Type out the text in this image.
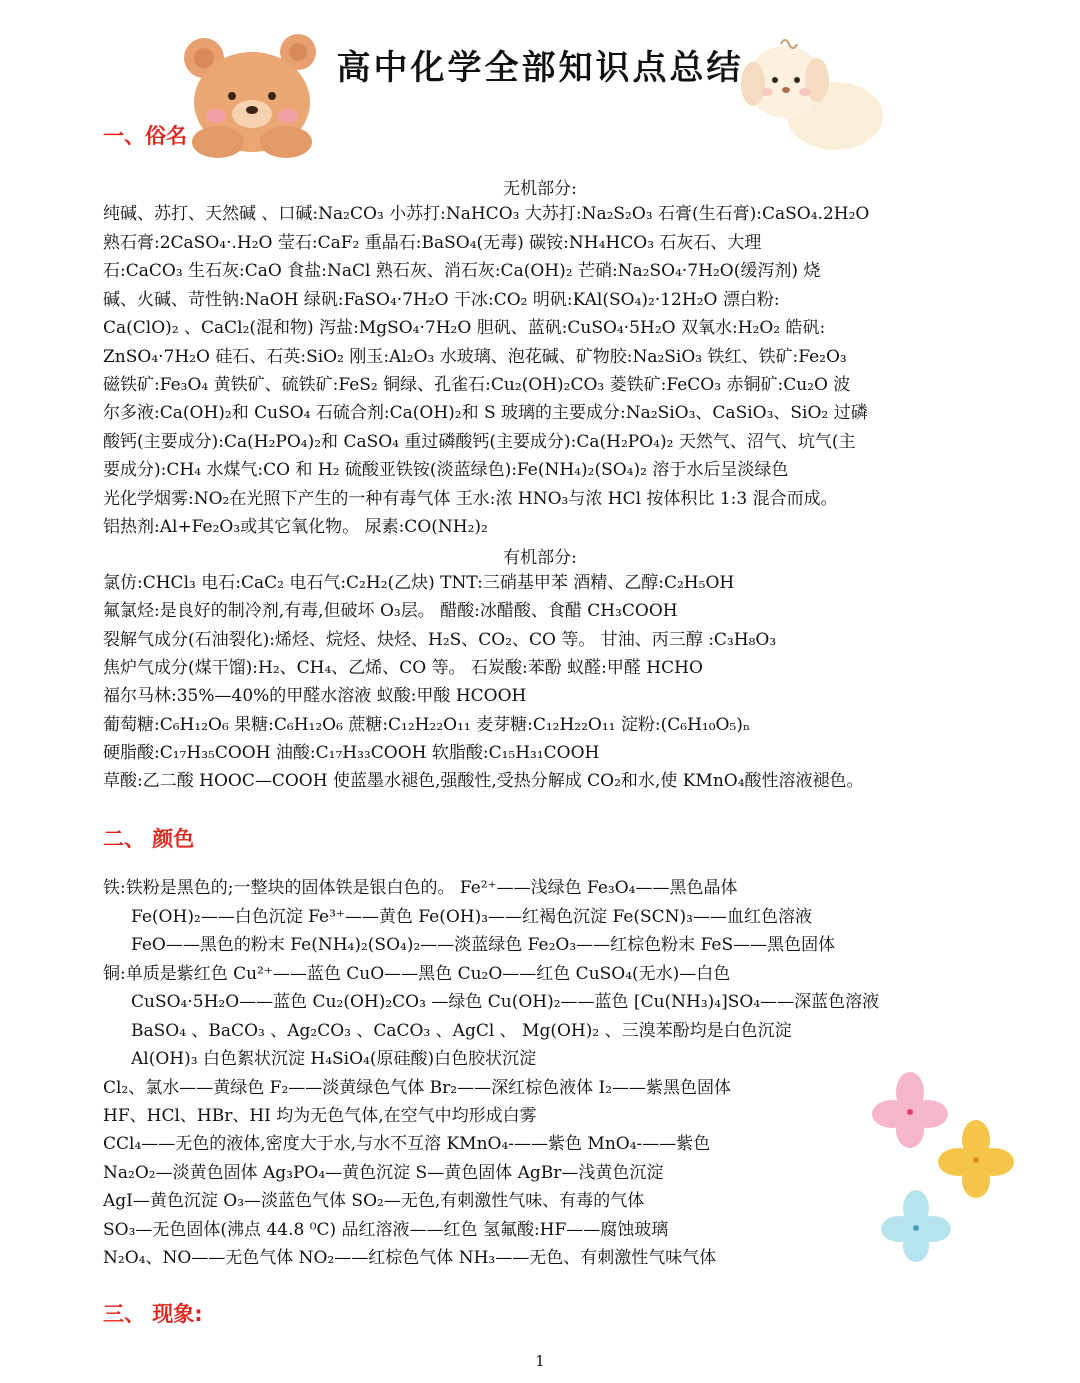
高中化学全部知识点总结
一、俗名
无机部分:
纯碱、苏打、天然碱 、口碱:Na₂CO₃ 小苏打:NaHCO₃ 大苏打:Na₂S₂O₃ 石膏(生石膏):CaSO₄.2H₂O
熟石膏:2CaSO₄·.H₂O 莹石:CaF₂ 重晶石:BaSO₄(无毒) 碳铵:NH₄HCO₃ 石灰石、大理
石:CaCO₃ 生石灰:CaO 食盐:NaCl 熟石灰、消石灰:Ca(OH)₂ 芒硝:Na₂SO₄·7H₂O(缓泻剂) 烧
碱、火碱、苛性钠:NaOH 绿矾:FaSO₄·7H₂O 干冰:CO₂ 明矾:KAl(SO₄)₂·12H₂O 漂白粉:
Ca(ClO)₂ 、CaCl₂(混和物) 泻盐:MgSO₄·7H₂O 胆矾、蓝矾:CuSO₄·5H₂O 双氧水:H₂O₂ 皓矾:
ZnSO₄·7H₂O 硅石、石英:SiO₂ 刚玉:Al₂O₃ 水玻璃、泡花碱、矿物胶:Na₂SiO₃ 铁红、铁矿:Fe₂O₃
磁铁矿:Fe₃O₄ 黄铁矿、硫铁矿:FeS₂ 铜绿、孔雀石:Cu₂(OH)₂CO₃ 菱铁矿:FeCO₃ 赤铜矿:Cu₂O 波
尔多液:Ca(OH)₂和 CuSO₄ 石硫合剂:Ca(OH)₂和 S 玻璃的主要成分:Na₂SiO₃、CaSiO₃、SiO₂ 过磷
酸钙(主要成分):Ca(H₂PO₄)₂和 CaSO₄ 重过磷酸钙(主要成分):Ca(H₂PO₄)₂ 天然气、沼气、坑气(主
要成分):CH₄ 水煤气:CO 和 H₂ 硫酸亚铁铵(淡蓝绿色):Fe(NH₄)₂(SO₄)₂ 溶于水后呈淡绿色
光化学烟雾:NO₂在光照下产生的一种有毒气体 王水:浓 HNO₃与浓 HCl 按体积比 1:3 混合而成。
铝热剂:Al+Fe₂O₃或其它氧化物。 尿素:CO(NH₂)₂
有机部分:
氯仿:CHCl₃ 电石:CaC₂ 电石气:C₂H₂(乙炔) TNT:三硝基甲苯 酒精、乙醇:C₂H₅OH
氟氯烃:是良好的制冷剂,有毒,但破坏 O₃层。 醋酸:冰醋酸、食醋 CH₃COOH
裂解气成分(石油裂化):烯烃、烷烃、炔烃、H₂S、CO₂、CO 等。 甘油、丙三醇 :C₃H₈O₃
焦炉气成分(煤干馏):H₂、CH₄、乙烯、CO 等。 石炭酸:苯酚 蚁醛:甲醛 HCHO
福尔马林:35%—40%的甲醛水溶液 蚁酸:甲酸 HCOOH
葡萄糖:C₆H₁₂O₆ 果糖:C₆H₁₂O₆ 蔗糖:C₁₂H₂₂O₁₁ 麦芽糖:C₁₂H₂₂O₁₁ 淀粉:(C₆H₁₀O₅)ₙ
硬脂酸:C₁₇H₃₅COOH 油酸:C₁₇H₃₃COOH 软脂酸:C₁₅H₃₁COOH
草酸:乙二酸 HOOC—COOH 使蓝墨水褪色,强酸性,受热分解成 CO₂和水,使 KMnO₄酸性溶液褪色。
二、 颜色
铁:铁粉是黑色的;一整块的固体铁是银白色的。 Fe²⁺——浅绿色 Fe₃O₄——黑色晶体
Fe(OH)₂——白色沉淀 Fe³⁺——黄色 Fe(OH)₃——红褐色沉淀 Fe(SCN)₃——血红色溶液
FeO——黑色的粉末 Fe(NH₄)₂(SO₄)₂——淡蓝绿色 Fe₂O₃——红棕色粉末 FeS——黑色固体
铜:单质是紫红色 Cu²⁺——蓝色 CuO——黑色 Cu₂O——红色 CuSO₄(无水)—白色
CuSO₄·5H₂O——蓝色 Cu₂(OH)₂CO₃ —绿色 Cu(OH)₂——蓝色 [Cu(NH₃)₄]SO₄——深蓝色溶液
BaSO₄ 、BaCO₃ 、Ag₂CO₃ 、CaCO₃ 、AgCl 、 Mg(OH)₂ 、三溴苯酚均是白色沉淀
Al(OH)₃ 白色絮状沉淀 H₄SiO₄(原硅酸)白色胶状沉淀
Cl₂、氯水——黄绿色 F₂——淡黄绿色气体 Br₂——深红棕色液体 I₂——紫黑色固体
HF、HCl、HBr、HI 均为无色气体,在空气中均形成白雾
CCl₄——无色的液体,密度大于水,与水不互溶 KMnO₄-——紫色 MnO₄-——紫色
Na₂O₂—淡黄色固体 Ag₃PO₄—黄色沉淀 S—黄色固体 AgBr—浅黄色沉淀
AgI—黄色沉淀 O₃—淡蓝色气体 SO₂—无色,有刺激性气味、有毒的气体
SO₃—无色固体(沸点 44.8 ⁰C) 品红溶液——红色 氢氟酸:HF——腐蚀玻璃
N₂O₄、NO——无色气体 NO₂——红棕色气体 NH₃——无色、有刺激性气味气体
三、 现象:
1
